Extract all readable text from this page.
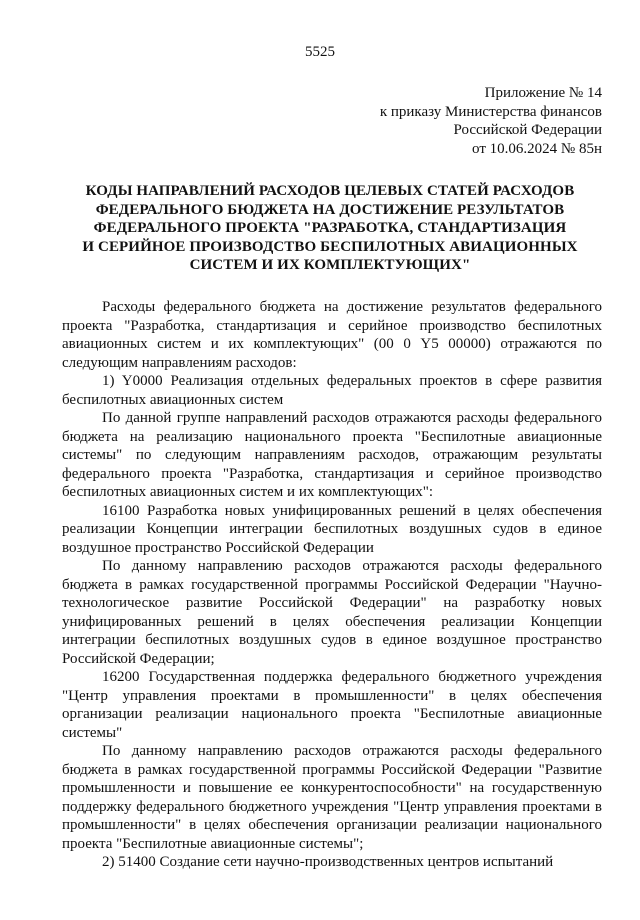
5525
Приложение № 14
к приказу Министерства финансов
Российской Федерации
от 10.06.2024 № 85н
КОДЫ НАПРАВЛЕНИЙ РАСХОДОВ ЦЕЛЕВЫХ СТАТЕЙ РАСХОДОВ
ФЕДЕРАЛЬНОГО БЮДЖЕТА НА ДОСТИЖЕНИЕ РЕЗУЛЬТАТОВ
ФЕДЕРАЛЬНОГО ПРОЕКТА "РАЗРАБОТКА, СТАНДАРТИЗАЦИЯ
И СЕРИЙНОЕ ПРОИЗВОДСТВО БЕСПИЛОТНЫХ АВИАЦИОННЫХ
СИСТЕМ И ИХ КОМПЛЕКТУЮЩИХ"

Расходы федерального бюджета на достижение результатов федерального проекта "Разработка, стандартизация и серийное производство беспилотных авиационных систем и их комплектующих" (00 0 Y5 00000) отражаются по следующим направлениям расходов:

1) Y0000 Реализация отдельных федеральных проектов в сфере развития беспилотных авиационных систем

По данной группе направлений расходов отражаются расходы федерального бюджета на реализацию национального проекта "Беспилотные авиационные системы" по следующим направлениям расходов, отражающим результаты федерального проекта "Разработка, стандартизация и серийное производство беспилотных авиационных систем и их комплектующих":

16100 Разработка новых унифицированных решений в целях обеспечения реализации Концепции интеграции беспилотных воздушных судов в единое воздушное пространство Российской Федерации

По данному направлению расходов отражаются расходы федерального бюджета в рамках государственной программы Российской Федерации "Научно-технологическое развитие Российской Федерации" на разработку новых унифицированных решений в целях обеспечения реализации Концепции интеграции беспилотных воздушных судов в единое воздушное пространство Российской Федерации;

16200 Государственная поддержка федерального бюджетного учреждения "Центр управления проектами в промышленности" в целях обеспечения организации реализации национального проекта "Беспилотные авиационные системы"

По данному направлению расходов отражаются расходы федерального бюджета в рамках государственной программы Российской Федерации "Развитие промышленности и повышение ее конкурентоспособности" на государственную поддержку федерального бюджетного учреждения "Центр управления проектами в промышленности" в целях обеспечения организации реализации национального проекта "Беспилотные авиационные системы";

2) 51400 Создание сети научно-производственных центров испытаний
